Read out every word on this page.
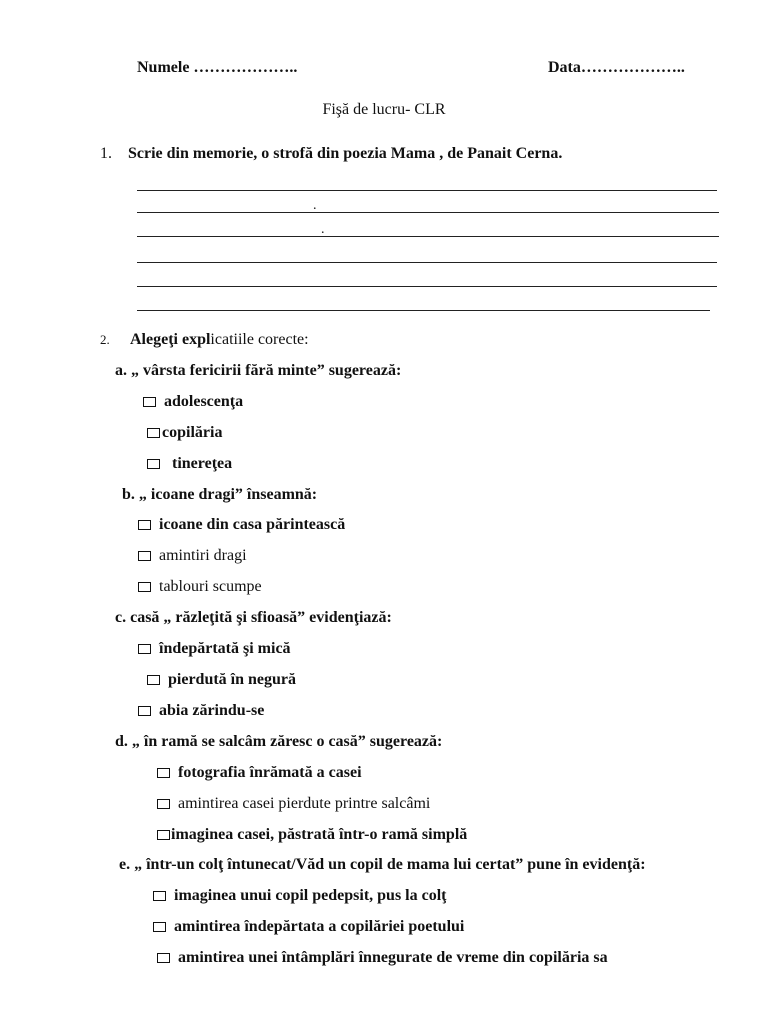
Numele ………………..	Data………………..
Fişă de lucru- CLR
1. Scrie din memorie, o strofă din poezia Mama , de Panait Cerna.
.
.
2. Alegeţi explicatiile corecte:
a. „ vârsta fericirii fără minte” sugerează:
adolescenţa
copilăria
tinereţea
b. „ icoane dragi” înseamnă:
icoane din casa părintească
amintiri dragi
tablouri scumpe
c. casă „ răzleţită şi sfioasă” evidenţiază:
îndepărtată şi mică
pierdută în negură
abia zărindu-se
d. „ în ramă se salcâm zăresc o casă” sugerează:
fotografia înrămată a casei
amintirea casei pierdute printre salcâmi
imaginea casei, păstrată într-o ramă simplă
e. „ într-un colţ întunecat/Văd un copil de mama lui certat” pune în evidenţă:
imaginea unui copil pedepsit, pus la colţ
amintirea îndepărtata a copilăriei poetului
amintirea unei întâmplări înnegurate de vreme din copilăria sa
